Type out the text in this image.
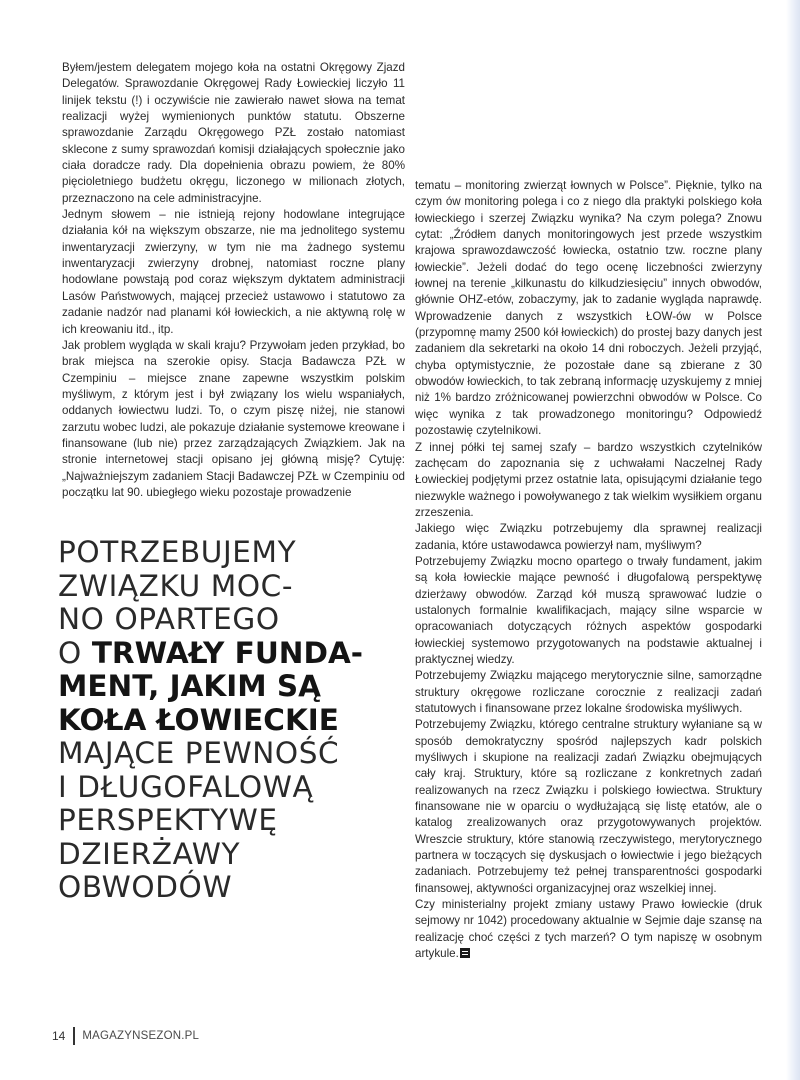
Byłem/jestem delegatem mojego koła na ostatni Okręgowy Zjazd Delegatów. Sprawozdanie Okręgowej Rady Łowieckiej liczyło 11 linijek tekstu (!) i oczywiście nie zawierało nawet słowa na temat realizacji wyżej wymienionych punktów statutu. Obszerne sprawozdanie Zarządu Okręgowego PZŁ zostało natomiast sklecone z sumy sprawozdań komisji działających społecznie jako ciała doradcze rady. Dla dopełnienia obrazu powiem, że 80% pięcioletniego budżetu okręgu, liczonego w milionach złotych, przeznaczono na cele administracyjne.

Jednym słowem – nie istnieją rejony hodowlane integrujące działania kół na większym obszarze, nie ma jednolitego systemu inwentaryzacji zwierzyny, w tym nie ma żadnego systemu inwentaryzacji zwierzyny drobnej, natomiast roczne plany hodowlane powstają pod coraz większym dyktatem administracji Lasów Państwowych, mającej przecież ustawowo i statutowo za zadanie nadzór nad planami kół łowieckich, a nie aktywną rolę w ich kreowaniu itd., itp.

Jak problem wygląda w skali kraju? Przywołam jeden przykład, bo brak miejsca na szerokie opisy. Stacja Badawcza PZŁ w Czempiniu – miejsce znane zapewne wszystkim polskim myśliwym, z którym jest i był związany los wielu wspaniałych, oddanych łowiectwu ludzi. To, o czym piszę niżej, nie stanowi zarzutu wobec ludzi, ale pokazuje działanie systemowe kreowane i finansowane (lub nie) przez zarządzających Związkiem. Jak na stronie internetowej stacji opisano jej główną misję? Cytuję: „Najważniejszym zadaniem Stacji Badawczej PZŁ w Czempiniu od początku lat 90. ubiegłego wieku pozostaje prowadzenie

POTRZEBUJEMY
ZWIĄZKU MOC-
NO OPARTEGO
O TRWAŁY FUNDA-
MENT, JAKIM SĄ
KOŁA ŁOWIECKIE
MAJĄCE PEWNOŚĆ
I DŁUGOFALOWĄ
PERSPEKTYWĘ
DZIERŻAWY
OBWODÓW

tematu – monitoring zwierząt łownych w Polsce”. Pięknie, tylko na czym ów monitoring polega i co z niego dla praktyki polskiego koła łowieckiego i szerzej Związku wynika? Na czym polega? Znowu cytat: „Źródłem danych monitoringowych jest przede wszystkim krajowa sprawozdawczość łowiecka, ostatnio tzw. roczne plany łowieckie”. Jeżeli dodać do tego ocenę liczebności zwierzyny łownej na terenie „kilkunastu do kilkudziesięciu” innych obwodów, głównie OHZ-etów, zobaczymy, jak to zadanie wygląda naprawdę. Wprowadzenie danych z wszystkich ŁOW-ów w Polsce (przypomnę mamy 2500 kół łowieckich) do prostej bazy danych jest zadaniem dla sekretarki na około 14 dni roboczych. Jeżeli przyjąć, chyba optymistycznie, że pozostałe dane są zbierane z 30 obwodów łowieckich, to tak zebraną informację uzyskujemy z mniej niż 1% bardzo zróżnicowanej powierzchni obwodów w Polsce. Co więc wynika z tak prowadzonego monitoringu? Odpowiedź pozostawię czytelnikowi.

Z innej półki tej samej szafy – bardzo wszystkich czytelników zachęcam do zapoznania się z uchwałami Naczelnej Rady Łowieckiej podjętymi przez ostatnie lata, opisującymi działanie tego niezwykle ważnego i powoływanego z tak wielkim wysiłkiem organu zrzeszenia.

Jakiego więc Związku potrzebujemy dla sprawnej realizacji zadania, które ustawodawca powierzył nam, myśliwym?

Potrzebujemy Związku mocno opartego o trwały fundament, jakim są koła łowieckie mające pewność i długofalową perspektywę dzierżawy obwodów. Zarząd kół muszą sprawować ludzie o ustalonych formalnie kwalifikacjach, mający silne wsparcie w opracowaniach dotyczących różnych aspektów gospodarki łowieckiej systemowo przygotowanych na podstawie aktualnej i praktycznej wiedzy.

Potrzebujemy Związku mającego merytorycznie silne, samorządne struktury okręgowe rozliczane corocznie z realizacji zadań statutowych i finansowane przez lokalne środowiska myśliwych.

Potrzebujemy Związku, którego centralne struktury wyłaniane są w sposób demokratyczny spośród najlepszych kadr polskich myśliwych i skupione na realizacji zadań Związku obejmujących cały kraj. Struktury, które są rozliczane z konkretnych zadań realizowanych na rzecz Związku i polskiego łowiectwa. Struktury finansowane nie w oparciu o wydłużającą się listę etatów, ale o katalog zrealizowanych oraz przygotowywanych projektów. Wreszcie struktury, które stanowią rzeczywistego, merytorycznego partnera w toczących się dyskusjach o łowiectwie i jego bieżących zadaniach. Potrzebujemy też pełnej transparentności gospodarki finansowej, aktywności organizacyjnej oraz wszelkiej innej.

Czy ministerialny projekt zmiany ustawy Prawo łowieckie (druk sejmowy nr 1042) procedowany aktualnie w Sejmie daje szansę na realizację choć części z tych marzeń? O tym napiszę w osobnym artykule.

14 MAGAZYNSEZON.PL
